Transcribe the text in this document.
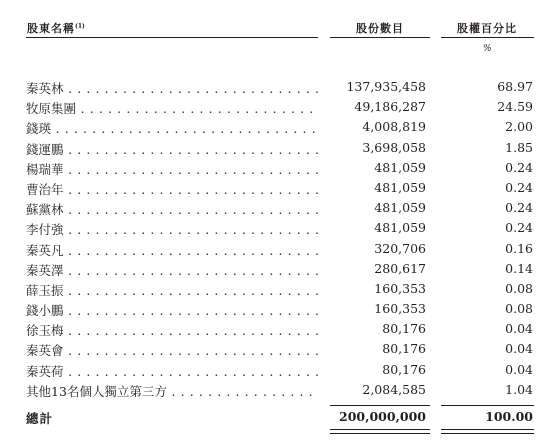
股東名稱$^{(1)}$	股份數目	股權百分比
%
秦英林 . . .	137,935,458	68.97
牧原集團 . . .	49,186,287	24.59
錢瑛 . . .	4,008,819	2.00
錢運鵬 . . .	3,698,058	1.85
楊瑞華 . . .	481,059	0.24
曹治年 . . .	481,059	0.24
蘇黨林 . . .	481,059	0.24
李付強 . . .	481,059	0.24
秦英凡 . . .	320,706	0.16
秦英澤 . . .	280,617	0.14
薛玉振 . . .	160,353	0.08
錢小鵬 . . .	160,353	0.08
徐玉梅 . . .	80,176	0.04
秦英會 . . .	80,176	0.04
秦英荷 . . .	80,176	0.04
其他13名個人獨立第三方 . . .	2,084,585	1.04
總計	200,000,000	100.00
